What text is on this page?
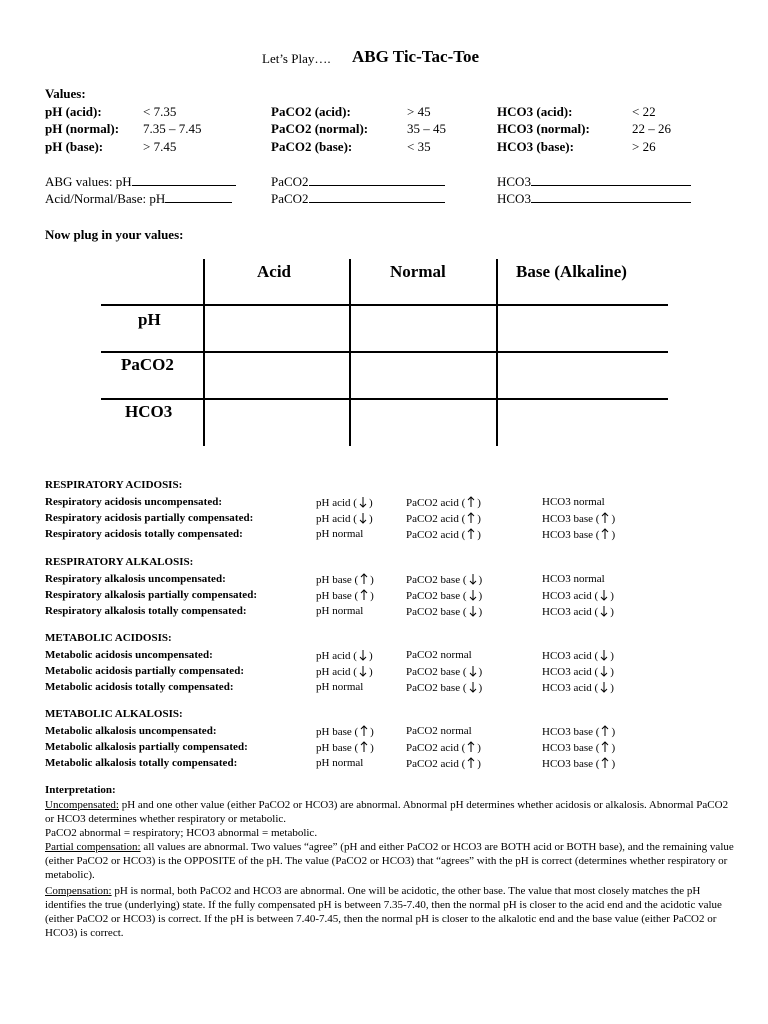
Let’s Play…. ABG Tic-Tac-Toe
Values:
pH (acid):	< 7.35	PaCO2 (acid):	> 45	HCO3 (acid):	< 22
pH (normal): 7.35 – 7.45	PaCO2 (normal):	35 – 45	HCO3 (normal):	22 – 26
pH (base):	> 7.45	PaCO2 (base):	< 35	HCO3 (base):	> 26
ABG values: pH	PaCO2	HCO3
Acid/Normal/Base: pH	PaCO2	HCO3
Now plug in your values:
Acid	Normal	Base (Alkaline)
pH
PaCO2
HCO3
RESPIRATORY ACIDOSIS:
Respiratory acidosis uncompensated:	pH acid ( )	PaCO2 acid ( )	HCO3 normal
Respiratory acidosis partially compensated:	pH acid ( )	PaCO2 acid ( )	HCO3 base ( )
Respiratory acidosis totally compensated:	pH normal	PaCO2 acid ( )	HCO3 base ( )
RESPIRATORY ALKALOSIS:
Respiratory alkalosis uncompensated:	pH base ( )	PaCO2 base ( )	HCO3 normal
Respiratory alkalosis partially compensated:	pH base ( )	PaCO2 base ( )	HCO3 acid ( )
Respiratory alkalosis totally compensated:	pH normal	PaCO2 base ( )	HCO3 acid ( )
METABOLIC ACIDOSIS:
Metabolic acidosis uncompensated:	pH acid ( )	PaCO2 normal	HCO3 acid ( )
Metabolic acidosis partially compensated:	pH acid ( )	PaCO2 base ( )	HCO3 acid ( )
Metabolic acidosis totally compensated:	pH normal	PaCO2 base ( )	HCO3 acid ( )
METABOLIC ALKALOSIS:
Metabolic alkalosis uncompensated:	pH base ( )	PaCO2 normal	HCO3 base ( )
Metabolic alkalosis partially compensated:	pH base ( )	PaCO2 acid ( )	HCO3 base ( )
Metabolic alkalosis totally compensated:	pH normal	PaCO2 acid ( )	HCO3 base ( )
Interpretation:
Uncompensated: pH and one other value (either PaCO2 or HCO3) are abnormal. Abnormal pH determines whether acidosis or alkalosis. Abnormal PaCO2 or HCO3 determines whether respiratory or metabolic.
PaCO2 abnormal = respiratory; HCO3 abnormal = metabolic.
Partial compensation: all values are abnormal. Two values “agree” (pH and either PaCO2 or HCO3 are BOTH acid or BOTH base), and the remaining value (either PaCO2 or HCO3) is the OPPOSITE of the pH. The value (PaCO2 or HCO3) that “agrees” with the pH is correct (determines whether respiratory or metabolic).
Compensation: pH is normal, both PaCO2 and HCO3 are abnormal. One will be acidotic, the other base. The value that most closely matches the pH identifies the true (underlying) state. If the fully compensated pH is between 7.35-7.40, then the normal pH is closer to the acid end and the acidotic value (either PaCO2 or HCO3) is correct. If the pH is between 7.40-7.45, then the normal pH is closer to the alkalotic end and the base value (either PaCO2 or HCO3) is correct.
